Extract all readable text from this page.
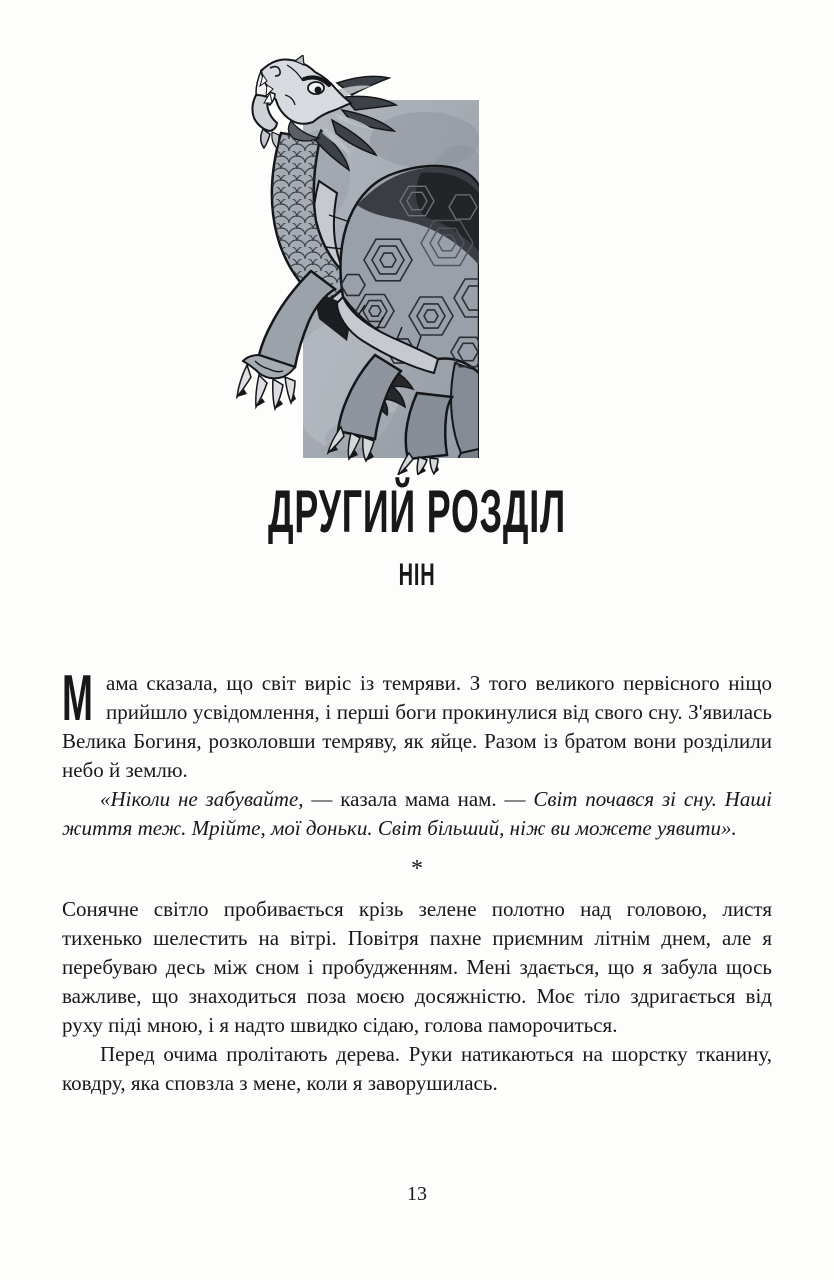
ДРУГИЙ РОЗДІЛ
НІН

Мама сказала, що світ виріс із темряви. З того великого первісного ніщо прийшло усвідомлення, і перші боги прокинулися від свого сну. З'явилась Велика Богиня, розколовши темряву, як яйце. Разом із братом вони розділили небо й землю.

«Ніколи не забувайте, — казала мама нам. — Світ почався зі сну. Наші життя теж. Мрійте, мої доньки. Світ більший, ніж ви можете уявити».

*

Сонячне світло пробивається крізь зелене полотно над головою, листя тихенько шелестить на вітрі. Повітря пахне приємним літнім днем, але я перебуваю десь між сном і пробудженням. Мені здається, що я забула щось важливе, що знаходиться поза моєю досяжністю. Моє тіло здригається від руху піді мною, і я надто швидко сідаю, голова паморочиться.

Перед очима пролітають дерева. Руки натикаються на шорстку тканину, ковдру, яка сповзла з мене, коли я заворушилась.

13
